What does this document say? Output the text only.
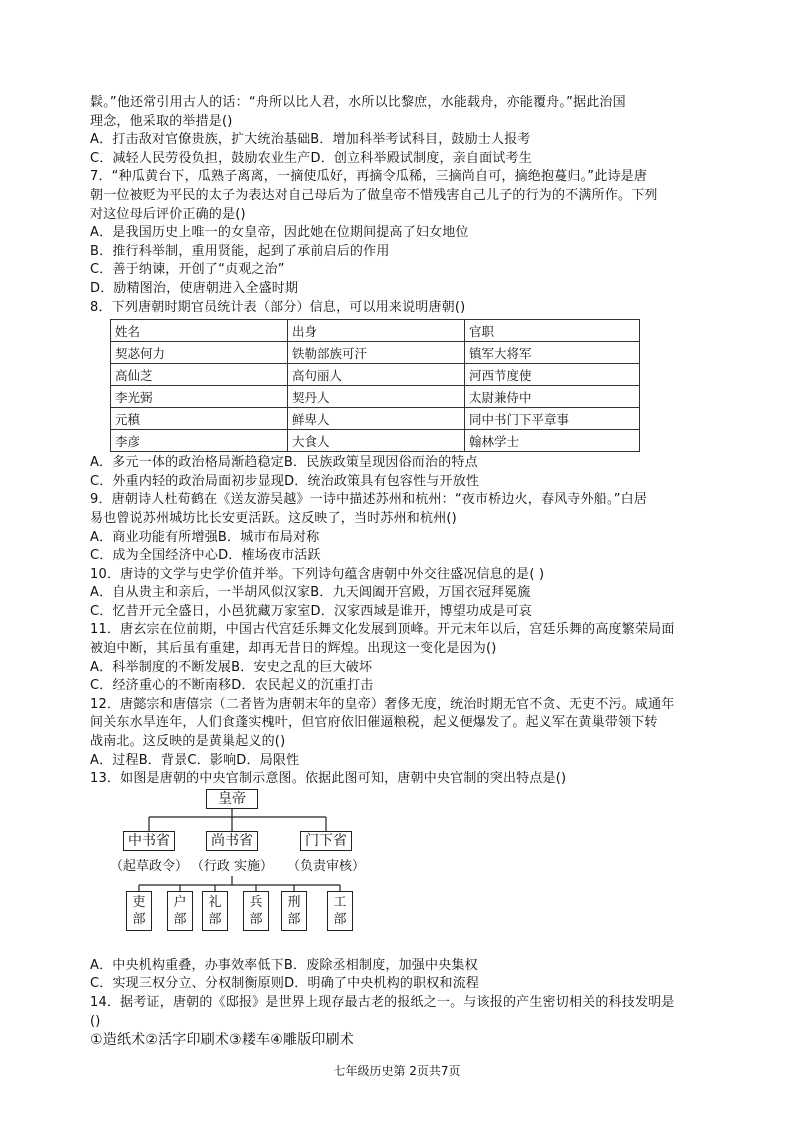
鬏。”他还常引用古人的话：“舟所以比人君，水所以比黎庶，水能载舟，亦能覆舟。”据此治国
理念，他采取的举措是()
A．打击敌对官僚贵族，扩大统治基础B．增加科举考试科目，鼓励士人报考
C．减轻人民劳役负担，鼓励农业生产D．创立科举殿试制度，亲自面试考生
7．“种瓜黄台下，瓜熟子离离，一摘使瓜好，再摘令瓜稀，三摘尚自可，摘绝抱蔓归。”此诗是唐
朝一位被贬为平民的太子为表达对自己母后为了做皇帝不惜残害自己儿子的行为的不满所作。下列
对这位母后评价正确的是()
A．是我国历史上唯一的女皇帝，因此她在位期间提高了妇女地位
B．推行科举制，重用贤能，起到了承前启后的作用
C．善于纳谏，开创了“贞观之治”
D．励精图治，使唐朝进入全盛时期
8．下列唐朝时期官员统计表（部分）信息，可以用来说明唐朝()
姓名	出身	官职
契苾何力	铁勒部族可汗	镇军大将军
高仙芝	高句丽人	河西节度使
李光弼	契丹人	太尉兼侍中
元稹	鲜卑人	同中书门下平章事
李彦	大食人	翰林学士
A．多元一体的政治格局渐趋稳定B．民族政策呈现因俗而治的特点
C．外重内轻的政治局面初步显现D．统治政策具有包容性与开放性
9．唐朝诗人杜荀鹤在《送友游吴越》一诗中描述苏州和杭州：“夜市桥边火，春风寺外船。”白居
易也曾说苏州城坊比长安更活跃。这反映了，当时苏州和杭州()
A．商业功能有所增强B．城市布局对称
C．成为全国经济中心D．榷场夜市活跃
10．唐诗的文学与史学价值并举。下列诗句蕴含唐朝中外交往盛况信息的是( )
A．自从贵主和亲后，一半胡风似汉家B．九天阊阖开宫殿，万国衣冠拜冕旒
C．忆昔开元全盛日，小邑犹藏万家室D．汉家西域是谁开，博望功成是可哀
11．唐玄宗在位前期，中国古代宫廷乐舞文化发展到顶峰。开元末年以后，宫廷乐舞的高度繁荣局面
被迫中断，其后虽有重建，却再无昔日的辉煌。出现这一变化是因为()
A．科举制度的不断发展B．安史之乱的巨大破坏
C．经济重心的不断南移D．农民起义的沉重打击
12．唐懿宗和唐僖宗（二者皆为唐朝末年的皇帝）奢侈无度，统治时期无官不贪、无吏不污。咸通年
间关东水旱连年，人们食蓬实槐叶，但官府依旧催逼粮税，起义便爆发了。起义军在黄巢带领下转
战南北。这反映的是黄巢起义的()
A．过程B．背景C．影响D．局限性
13．如图是唐朝的中央官制示意图。依据此图可知，唐朝中央官制的突出特点是()
皇帝
中书省
（起草政令）
尚书省
（行政 实施）
门下省
（负责审核）
吏
部
户
部
礼
部
兵
部
刑
部
工
部
A．中央机构重叠，办事效率低下B．废除丞相制度，加强中央集权
C．实现三权分立、分权制衡原则D．明确了中央机构的职权和流程
14．据考证，唐朝的《邸报》是世界上现存最古老的报纸之一。与该报的产生密切相关的科技发明是
()
①造纸术②活字印刷术③耧车④雕版印刷术
七年级历史第 2页共7页
